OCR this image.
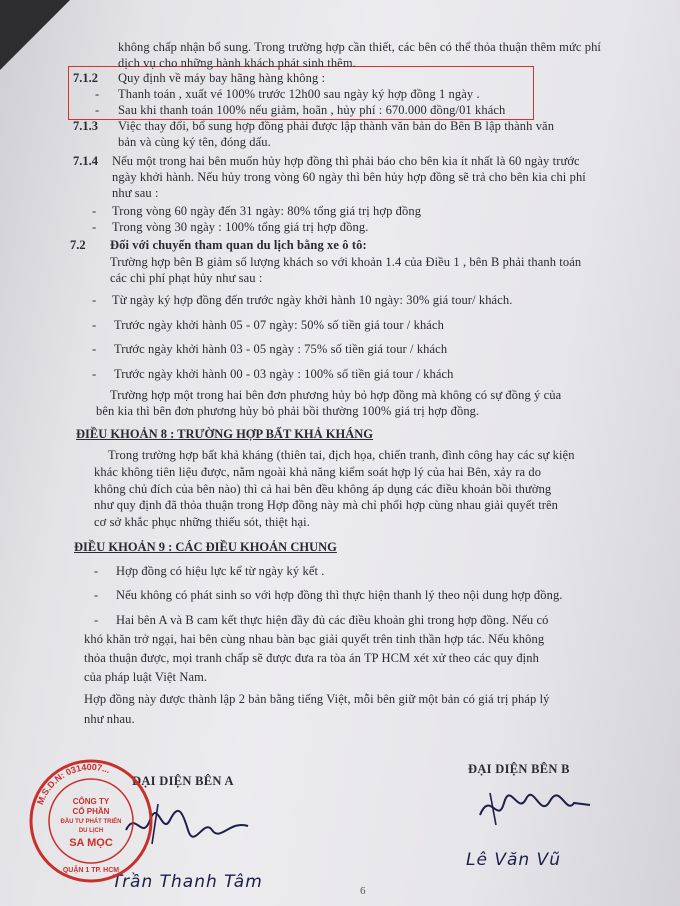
không chấp nhận bổ sung. Trong trường hợp cần thiết, các bên có thể thỏa thuận thêm mức phí
dịch vụ cho những hành khách phát sinh thêm.
7.1.2 Quy định về máy bay hãng hàng không :
- Thanh toán , xuất vé 100% trước 12h00 sau ngày ký hợp đồng 1 ngày .
- Sau khi thanh toán 100% nếu giảm, hoãn , hủy phí : 670.000 đồng/01 khách
7.1.3 Việc thay đổi, bổ sung hợp đồng phải được lập thành văn bản do Bên B lập thành văn
bản và cùng ký tên, đóng dấu.
7.1.4 Nếu một trong hai bên muốn hủy hợp đồng thì phải báo cho bên kia ít nhất là 60 ngày trước
ngày khởi hành. Nếu hủy trong vòng 60 ngày thì bên hủy hợp đồng sẽ trả cho bên kia chi phí
như sau :
- Trong vòng 60 ngày đến 31 ngày: 80% tổng giá trị hợp đồng
- Trong vòng 30 ngày : 100% tổng giá trị hợp đồng.
7.2 Đối với chuyến tham quan du lịch bằng xe ô tô:
Trường hợp bên B giảm số lượng khách so với khoản 1.4 của Điều 1 , bên B phải thanh toán
các chi phí phạt hủy như sau :
- Từ ngày ký hợp đồng đến trước ngày khởi hành 10 ngày: 30% giá tour/ khách.
- Trước ngày khởi hành 05 - 07 ngày: 50% số tiền giá tour / khách
- Trước ngày khởi hành 03 - 05 ngày : 75% số tiền giá tour / khách
- Trước ngày khởi hành 00 - 03 ngày : 100% số tiền giá tour / khách
Trường hợp một trong hai bên đơn phương hủy bỏ hợp đồng mà không có sự đồng ý của
bên kia thì bên đơn phương hủy bỏ phải bồi thường 100% giá trị hợp đồng.
ĐIỀU KHOẢN 8 : TRƯỜNG HỢP BẤT KHẢ KHÁNG
Trong trường hợp bất khả kháng (thiên tai, địch họa, chiến tranh, đình công hay các sự kiện
khác không tiên liệu được, nằm ngoài khả năng kiểm soát hợp lý của hai Bên, xảy ra do
không chủ đích của bên nào) thì cả hai bên đều không áp dụng các điều khoản bồi thường
như quy định đã thỏa thuận trong Hợp đồng này mà chỉ phối hợp cùng nhau giải quyết trên
cơ sở khắc phục những thiếu sót, thiệt hại.
ĐIỀU KHOẢN 9 : CÁC ĐIỀU KHOẢN CHUNG
- Hợp đồng có hiệu lực kể từ ngày ký kết .
- Nếu không có phát sinh so với hợp đồng thì thực hiện thanh lý theo nội dung hợp đồng.
- Hai bên A và B cam kết thực hiện đầy đủ các điều khoản ghi trong hợp đồng. Nếu có
khó khăn trở ngại, hai bên cùng nhau bàn bạc giải quyết trên tinh thần hợp tác. Nếu không
thỏa thuận được, mọi tranh chấp sẽ được đưa ra tòa án TP HCM xét xử theo các quy định
của pháp luật Việt Nam.
Hợp đồng này được thành lập 2 bản bằng tiếng Việt, mỗi bên giữ một bản có giá trị pháp lý
như nhau.
ĐẠI DIỆN BÊN A
ĐẠI DIỆN BÊN B
Lê Văn Vũ
Trần Thanh Tâm
M.S.D.N: 0314007...
CÔNG TY
CỔ PHẦN
ĐẦU TƯ PHÁT TRIỂN
DU LỊCH
SA MỌC
QUẬN 1 TP. HCM
6
